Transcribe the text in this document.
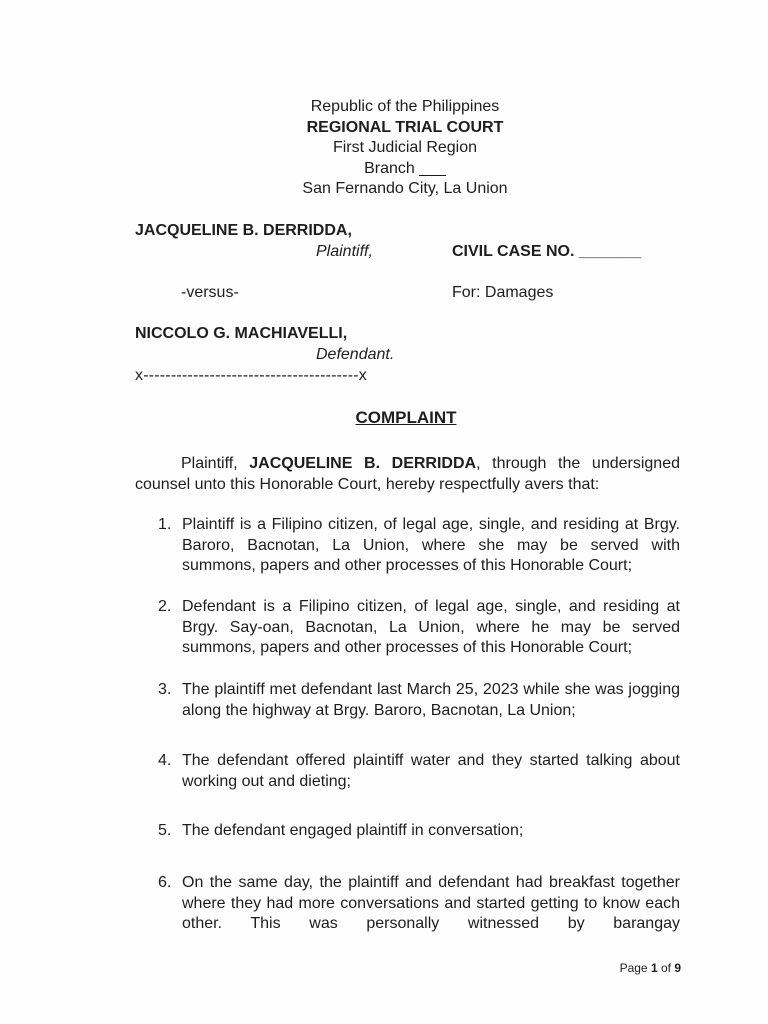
Republic of the Philippines
REGIONAL TRIAL COURT
First Judicial Region
Branch ___
San Fernando City, La Union
JACQUELINE B. DERRIDDA,
Plaintiff,	CIVIL CASE NO. _______
-versus-	For: Damages
NICCOLO G. MACHIAVELLI,
Defendant.
x---------------------------------------x
COMPLAINT
Plaintiff, JACQUELINE B. DERRIDDA, through the undersigned counsel unto this Honorable Court, hereby respectfully avers that:
1. Plaintiff is a Filipino citizen, of legal age, single, and residing at Brgy. Baroro, Bacnotan, La Union, where she may be served with summons, papers and other processes of this Honorable Court;
2. Defendant is a Filipino citizen, of legal age, single, and residing at Brgy. Say-oan, Bacnotan, La Union, where he may be served summons, papers and other processes of this Honorable Court;
3. The plaintiff met defendant last March 25, 2023 while she was jogging along the highway at Brgy. Baroro, Bacnotan, La Union;
4. The defendant offered plaintiff water and they started talking about working out and dieting;
5. The defendant engaged plaintiff in conversation;
6. On the same day, the plaintiff and defendant had breakfast together where they had more conversations and started getting to know each other. This was personally witnessed by barangay
Page 1 of 9
